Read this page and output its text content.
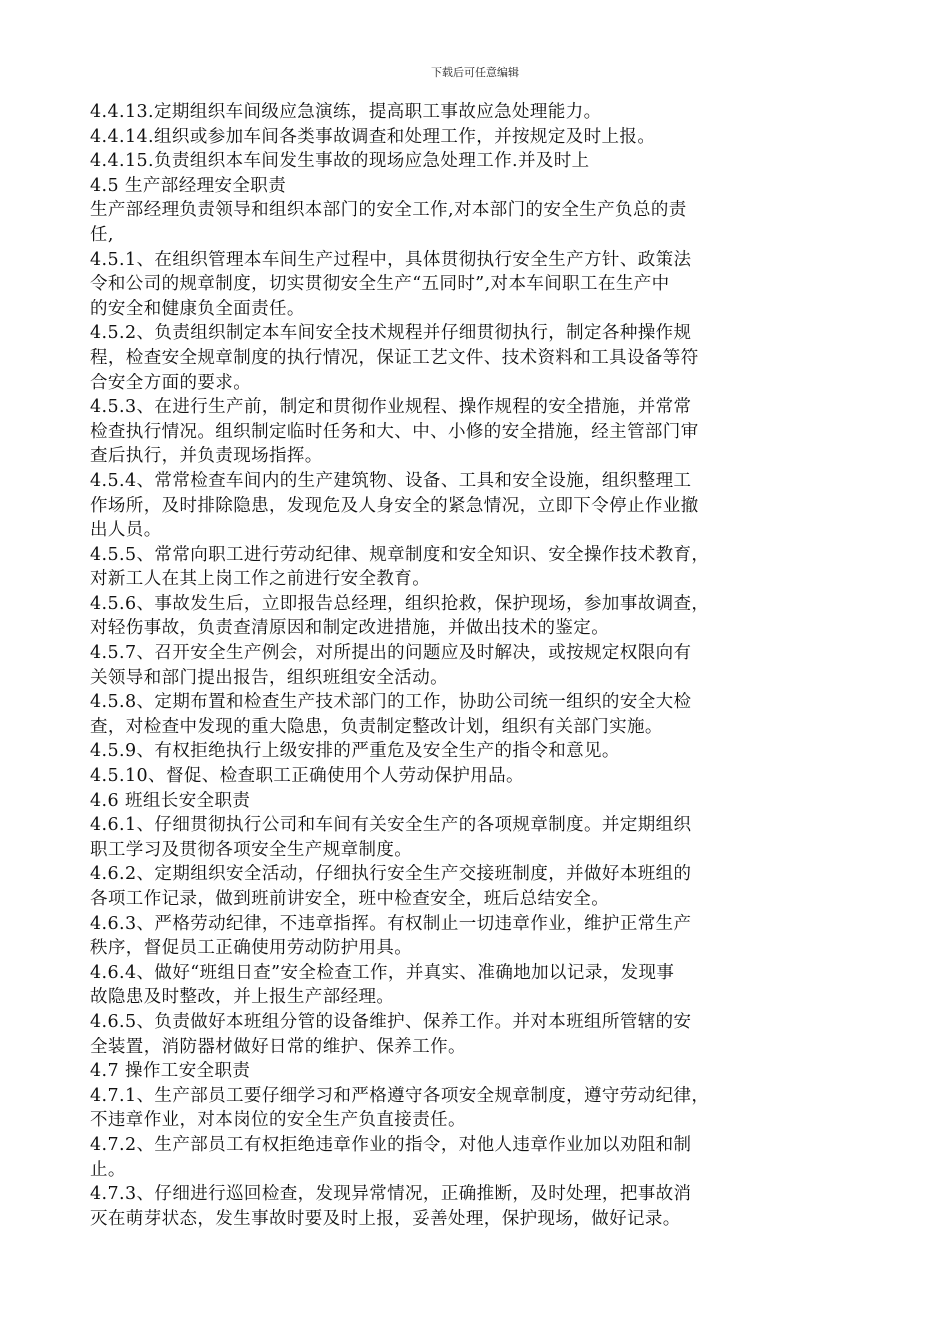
下载后可任意编辑
4.4.13.定期组织车间级应急演练，提高职工事故应急处理能力。
4.4.14.组织或参加车间各类事故调查和处理工作，并按规定及时上报。
4.4.15.负责组织本车间发生事故的现场应急处理工作.并及时上
4.5 生产部经理安全职责
生产部经理负责领导和组织本部门的安全工作,对本部门的安全生产负总的责
任,
4.5.1、在组织管理本车间生产过程中，具体贯彻执行安全生产方针、政策法
令和公司的规章制度，切实贯彻安全生产“五同时”,对本车间职工在生产中
的安全和健康负全面责任。
4.5.2、负责组织制定本车间安全技术规程并仔细贯彻执行，制定各种操作规
程，检查安全规章制度的执行情况，保证工艺文件、技术资料和工具设备等符
合安全方面的要求。
4.5.3、在进行生产前，制定和贯彻作业规程、操作规程的安全措施，并常常
检查执行情况。组织制定临时任务和大、中、小修的安全措施，经主管部门审
查后执行，并负责现场指挥。
4.5.4、常常检查车间内的生产建筑物、设备、工具和安全设施，组织整理工
作场所，及时排除隐患，发现危及人身安全的紧急情况，立即下令停止作业撤
出人员。
4.5.5、常常向职工进行劳动纪律、规章制度和安全知识、安全操作技术教育，
对新工人在其上岗工作之前进行安全教育。
4.5.6、事故发生后，立即报告总经理，组织抢救，保护现场，参加事故调查，
对轻伤事故，负责查清原因和制定改进措施，并做出技术的鉴定。
4.5.7、召开安全生产例会，对所提出的问题应及时解决，或按规定权限向有
关领导和部门提出报告，组织班组安全活动。
4.5.8、定期布置和检查生产技术部门的工作，协助公司统一组织的安全大检
查，对检查中发现的重大隐患，负责制定整改计划，组织有关部门实施。
4.5.9、有权拒绝执行上级安排的严重危及安全生产的指令和意见。
4.5.10、督促、检查职工正确使用个人劳动保护用品。
4.6 班组长安全职责
4.6.1、仔细贯彻执行公司和车间有关安全生产的各项规章制度。并定期组织
职工学习及贯彻各项安全生产规章制度。
4.6.2、定期组织安全活动，仔细执行安全生产交接班制度，并做好本班组的
各项工作记录，做到班前讲安全，班中检查安全，班后总结安全。
4.6.3、严格劳动纪律，不违章指挥。有权制止一切违章作业，维护正常生产
秩序，督促员工正确使用劳动防护用具。
4.6.4、做好“班组日查”安全检查工作，并真实、准确地加以记录，发现事
故隐患及时整改，并上报生产部经理。
4.6.5、负责做好本班组分管的设备维护、保养工作。并对本班组所管辖的安
全装置，消防器材做好日常的维护、保养工作。
4.7 操作工安全职责
4.7.1、生产部员工要仔细学习和严格遵守各项安全规章制度，遵守劳动纪律，
不违章作业，对本岗位的安全生产负直接责任。
4.7.2、生产部员工有权拒绝违章作业的指令，对他人违章作业加以劝阻和制
止。
4.7.3、仔细进行巡回检查，发现异常情况，正确推断，及时处理，把事故消
灭在萌芽状态，发生事故时要及时上报，妥善处理，保护现场，做好记录。
